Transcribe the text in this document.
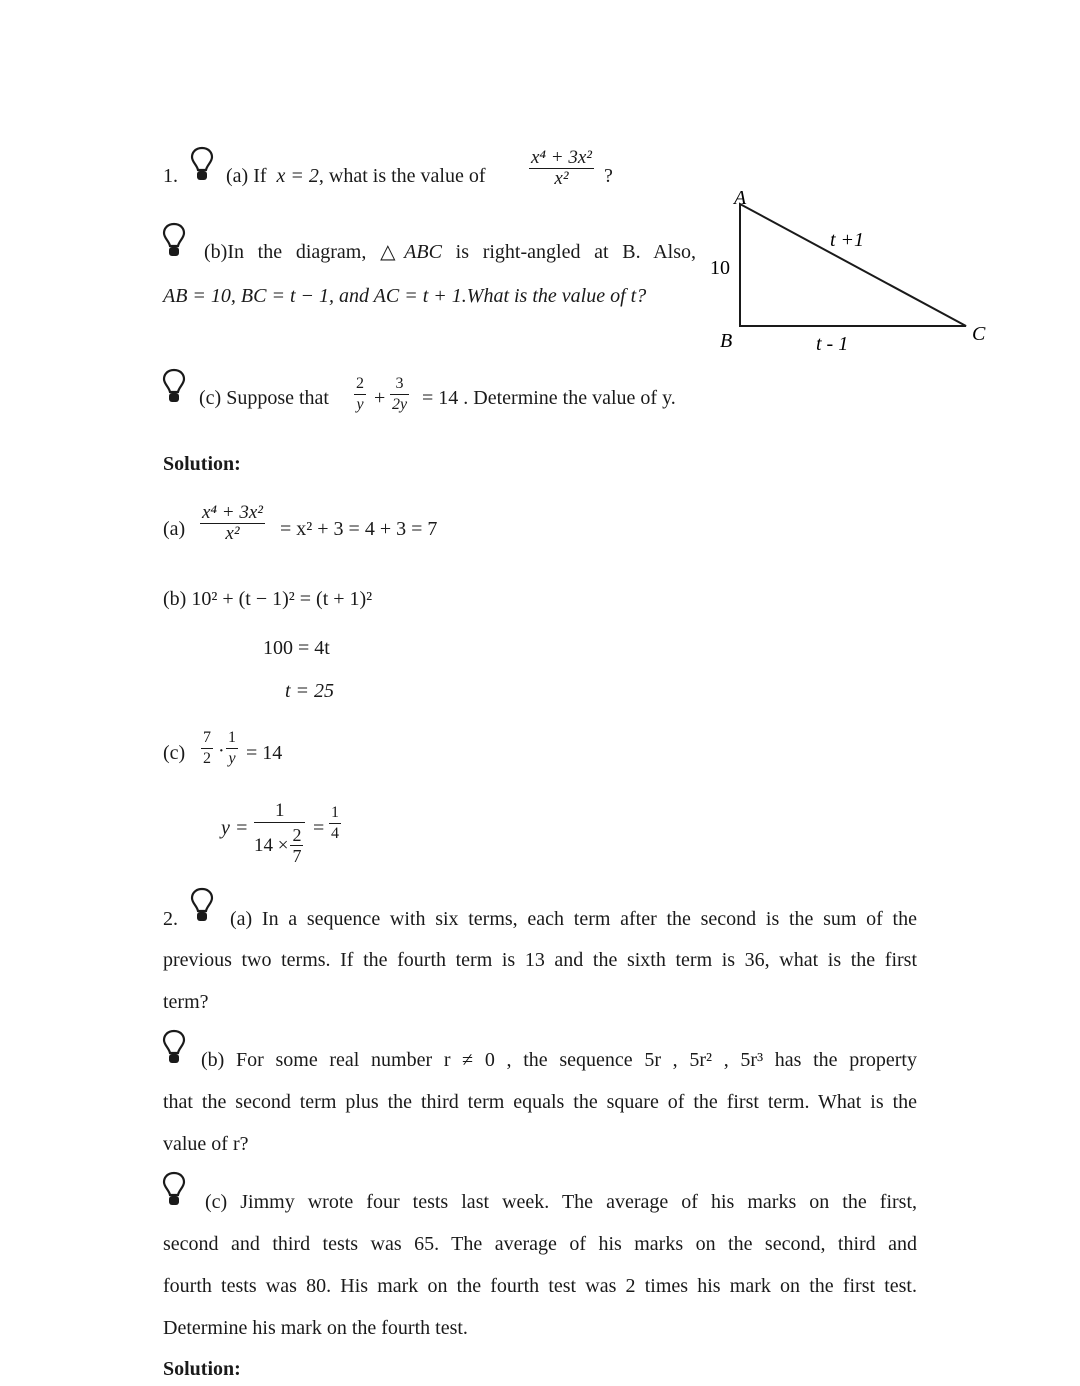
1. (a) If x = 2, what is the value of $\frac{\text{x⁴ + 3x²}}{\text{x²}}$ ?
(b)In the diagram, △ABC is right-angled at B. Also,
AB = 10, BC = t − 1, and AC = t + 1.What is the value of t?
(c) Suppose that $\frac{2}{y} + \frac{3}{2y} = 14$ . Determine the value of y.
A
B	C
10
t - 1
t +1
Solution:
$(a) \frac{\text{x⁴ + 3x²}}{\text{x²}} = x^2 + 3 = 4 + 3 = 7$
(b) 10² + (t − 1)² = (t + 1)²
100 = 4t
t = 25
$(c) \frac{7}{2} \cdot \frac{1}{y} = 14$
y =
1
$14 \times \frac{2}{7} = \frac{1}{4}$
2.	(a) In a sequence with six terms, each term after the second is the sum of the
previous two terms. If the fourth term is 13 and the sixth term is 36, what is the first
term?
(b) For some real number r ≠ 0 , the sequence 5r , 5r² , 5r³ has the property
that the second term plus the third term equals the square of the first term. What is the
value of r?
(c) Jimmy wrote four tests last week. The average of his marks on the first,
second and third tests was 65. The average of his marks on the second, third and
fourth tests was 80. His mark on the fourth test was 2 times his mark on the first test.
Determine his mark on the fourth test.
Solution:
